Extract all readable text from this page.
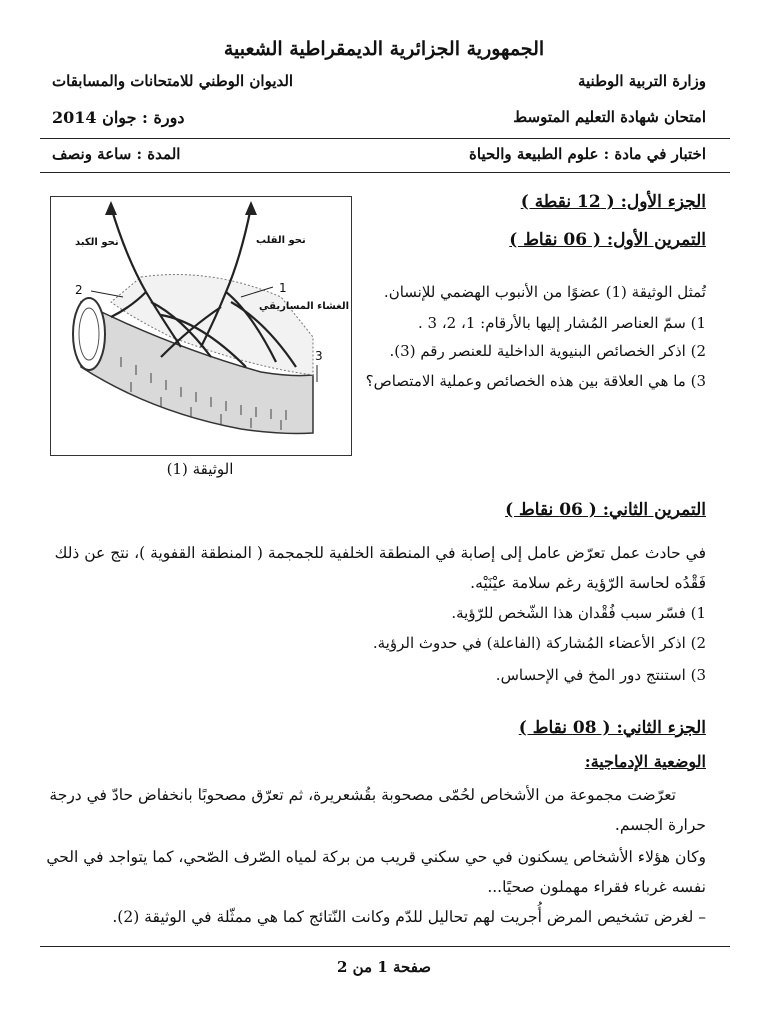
الجمهورية الجزائرية الديمقراطية الشعبية
وزارة التربية الوطنية
الديوان الوطني للامتحانات والمسابقات
امتحان شهادة التعليم المتوسط
دورة : جوان 2014
اختبار في مادة : علوم الطبيعة والحياة
المدة : ساعة ونصف
الجزء الأول: ( 12 نقطة )
التمرين الأول: ( 06 نقاط )
تُمثل الوثيقة (1) عضوًا من الأنبوب الهضمي للإنسان.
1) سمّ العناصر المُشار إليها بالأرقام: 1، 2، 3 .
2) اذكر الخصائص البنيوية الداخلية للعنصر رقم (3).
3) ما هي العلاقة بين هذه الخصائص وعملية الامتصاص؟
نحو الكبد	نحو القلب
الغشاء المساريقي
1
2
3
الوثيقة (1)
التمرين الثاني: ( 06 نقاط )
في حادث عمل تعرّض عامل إلى إصابة في المنطقة الخلفية للجمجمة ( المنطقة القفوية )، نتج عن ذلك فَقْدُه لحاسة الرّؤية رغم سلامة عيْنَيْه.
1) فسّر سبب فُقْدان هذا الشّخص للرّؤية.
2) اذكر الأعضاء المُشاركة (الفاعلة) في حدوث الرؤية.
3) استنتج دور المخ في الإحساس.
الجزء الثاني: ( 08 نقاط )
الوضعية الإدماجية:
تعرّضت مجموعة من الأشخاص لحُمّى مصحوبة بقُشعريرة، ثم تعرّق مصحوبًا بانخفاض حادّ في درجة حرارة الجسم.
وكان هؤلاء الأشخاص يسكنون في حي سكني قريب من بركة لمياه الصّرف الصّحي، كما يتواجد في الحي نفسه غرباء فقراء مهملون صحيًا...
– لغرض تشخيص المرض أُجريت لهم تحاليل للدّم وكانت النّتائج كما هي ممثّلة في الوثيقة (2).
صفحة 1 من 2
